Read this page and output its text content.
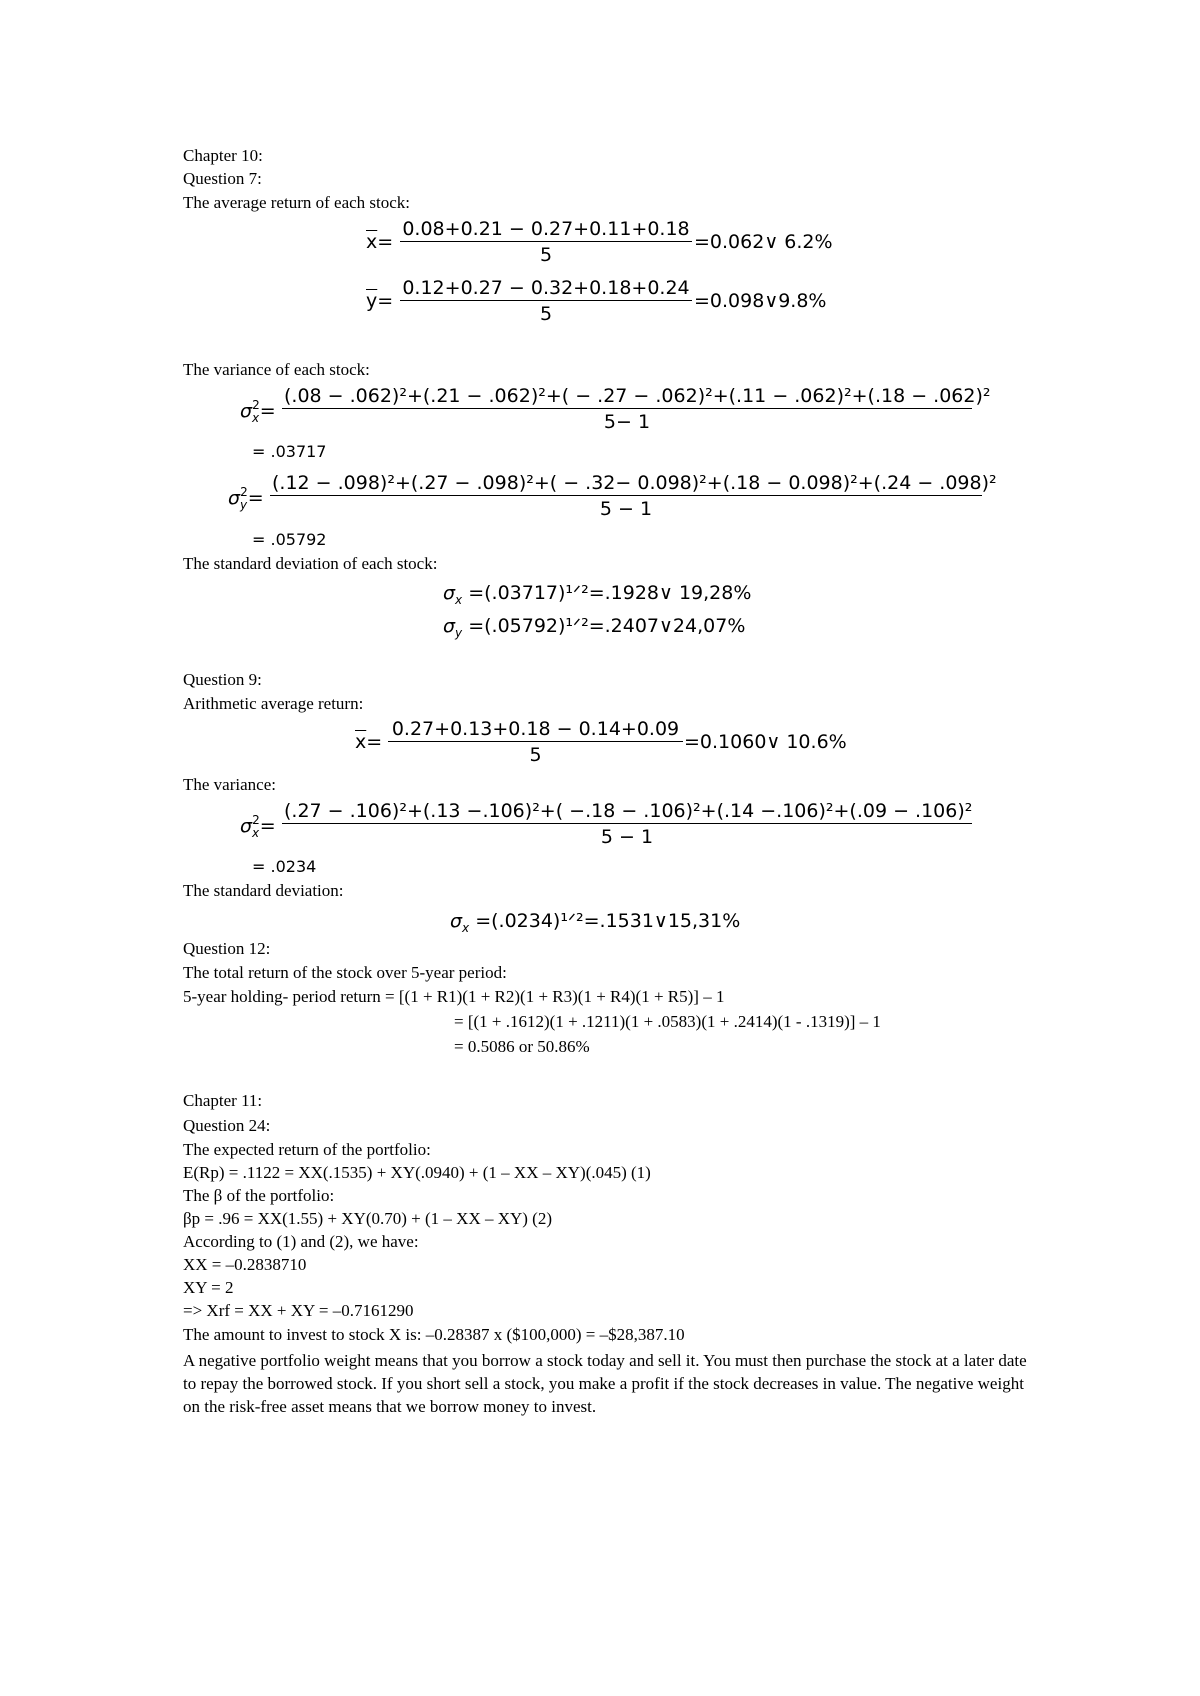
Chapter 10:
Question 7:
The average return of each stock:
$\overline{x}= \frac{0.08+0.21 - 0.27+0.11+0.18}{5}$ =0.062∨ 6.2%
$\overline{y}= \frac{0.12+0.27 - 0.32+0.18+0.24}{5}$ =0.098∨9.8%
The variance of each stock:
$\sigma_x^2=$
(.08 − .062)²+(.21 − .062)²+( − .27 − .062)²+(.11 − .062)²+(.18 − .062)²
5− 1
= .03717
$\sigma_y^2=$
(.12 − .098)²+(.27 − .098)²+( − .32− 0.098)²+(.18 − 0.098)²+(.24 − .098)²
5 − 1
= .05792
The standard deviation of each stock:
$\sigma_x$ =(.03717)¹ᐟ²=.1928∨ 19,28%
$\sigma_y$ =(.05792)¹ᐟ²=.2407∨24,07%
Question 9:
Arithmetic average return:
$\overline{x}= \frac{0.27+0.13+0.18 - 0.14+0.09}{5}$ =0.1060∨ 10.6%
The variance:
$\sigma_x^2=$
(.27 − .106)²+(.13 −.106)²+( −.18 − .106)²+(.14 −.106)²+(.09 − .106)²
5 − 1
= .0234
The standard deviation:
$\sigma_x$ =(.0234)¹ᐟ²=.1531∨15,31%
Question 12:
The total return of the stock over 5-year period:
5-year holding- period return = [(1 + R1)(1 + R2)(1 + R3)(1 + R4)(1 + R5)] – 1
= [(1 + .1612)(1 + .1211)(1 + .0583)(1 + .2414)(1 - .1319)] – 1
= 0.5086 or 50.86%
Chapter 11:
Question 24:
The expected return of the portfolio:
E(Rp) = .1122 = XX(.1535) + XY(.0940) + (1 – XX – XY)(.045) (1)
The β of the portfolio:
βp = .96 = XX(1.55) + XY(0.70) + (1 – XX – XY) (2)
According to (1) and (2), we have:
XX = –0.2838710
XY = 2
=> Xrf = XX + XY = –0.7161290
The amount to invest to stock X is: –0.28387 x ($100,000) = –$28,387.10
A negative portfolio weight means that you borrow a stock today and sell it. You must then purchase the stock at a later date to repay the borrowed stock. If you short sell a stock, you make a profit if the stock decreases in value. The negative weight on the risk-free asset means that we borrow money to invest.
